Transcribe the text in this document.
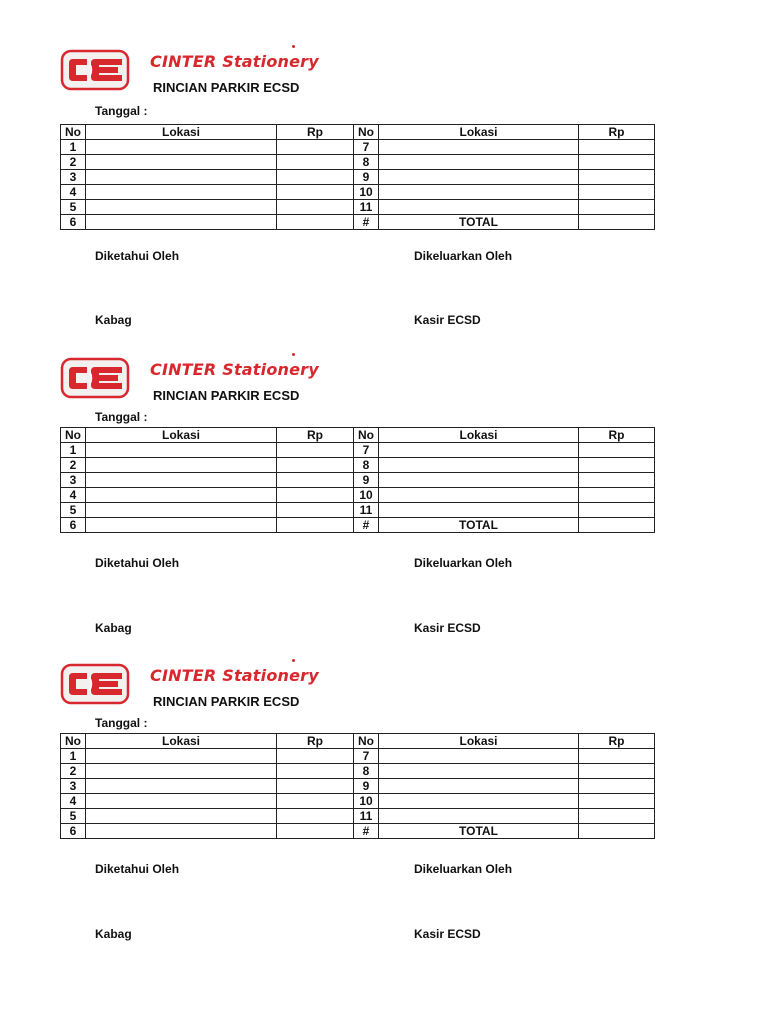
CINTER Stationery
RINCIAN PARKIR ECSD
Tanggal :
No	Lokasi	Rp	No	Lokasi	Rp
1			7		
2			8		
3			9		
4			10		
5			11		
6			#	TOTAL	
Diketahui Oleh	Dikeluarkan Oleh
Kabag	Kasir ECSD
CINTER Stationery
RINCIAN PARKIR ECSD
Tanggal :
No	Lokasi	Rp	No	Lokasi	Rp
1			7		
2			8		
3			9		
4			10		
5			11		
6			#	TOTAL	
Diketahui Oleh	Dikeluarkan Oleh
Kabag	Kasir ECSD
CINTER Stationery
RINCIAN PARKIR ECSD
Tanggal :
No	Lokasi	Rp	No	Lokasi	Rp
1			7		
2			8		
3			9		
4			10		
5			11		
6			#	TOTAL	
Diketahui Oleh	Dikeluarkan Oleh
Kabag	Kasir ECSD
